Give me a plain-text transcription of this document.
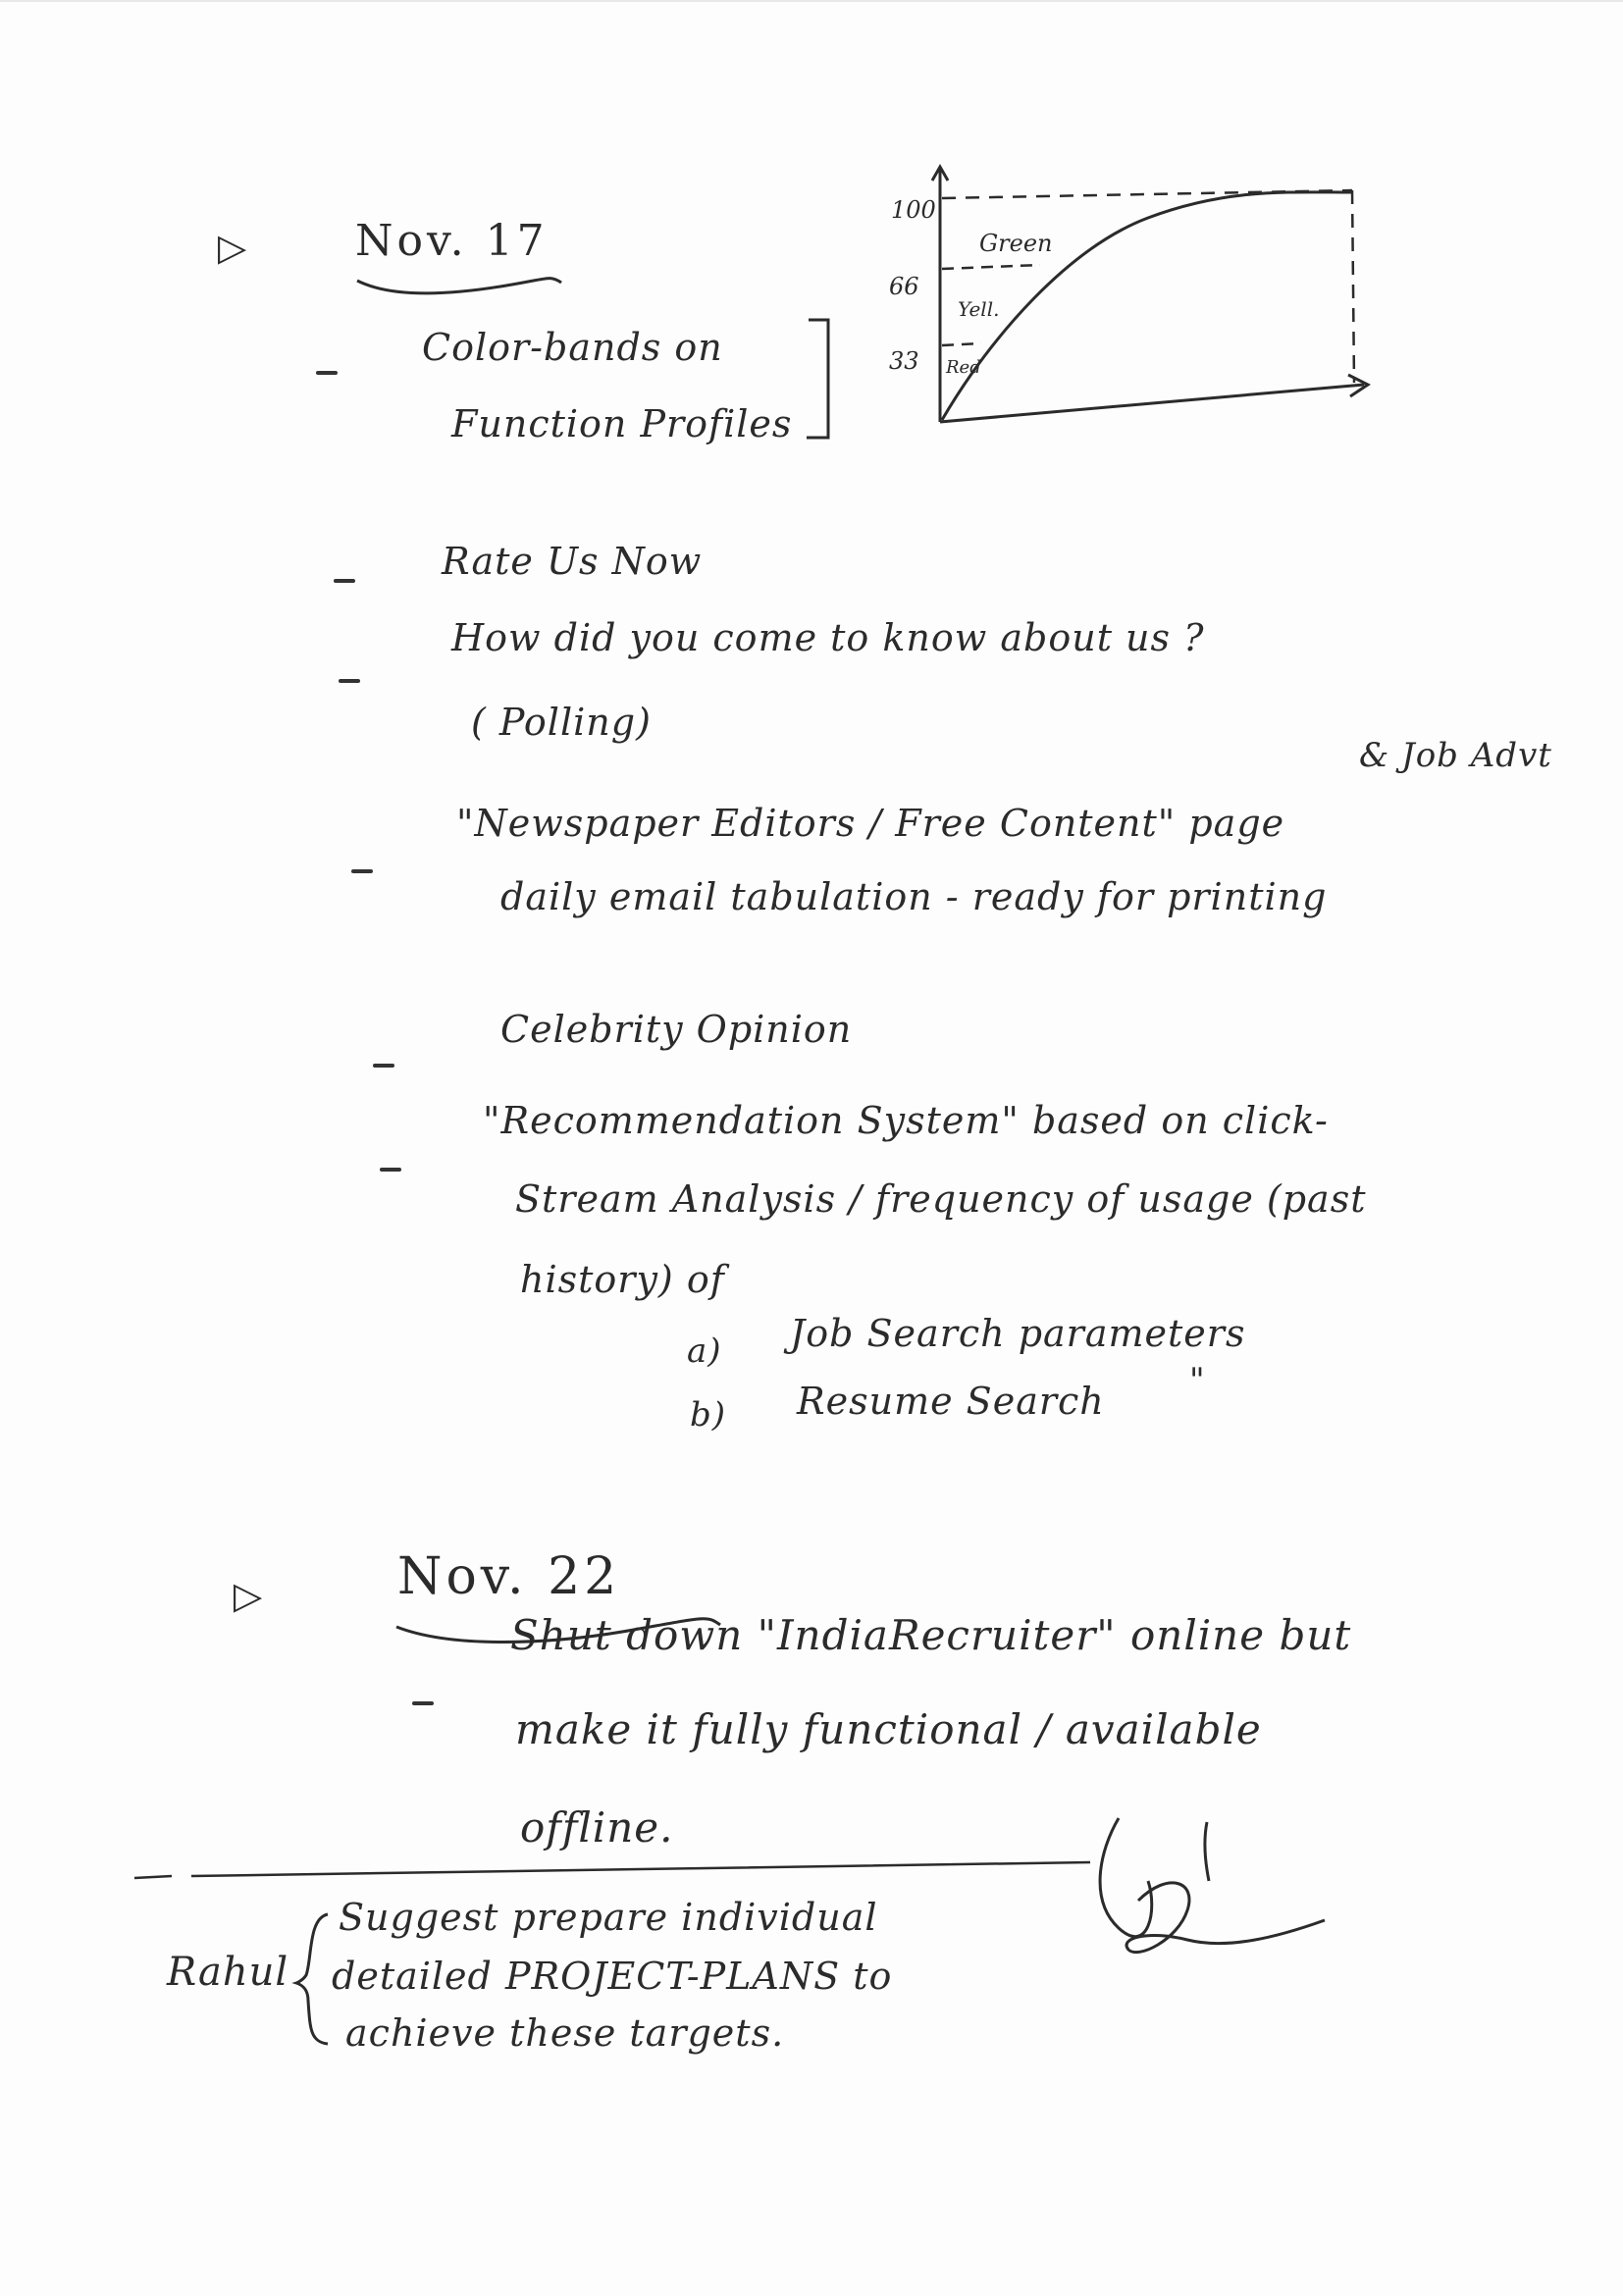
▷	Nov. 17
Color-bands on
Function Profiles
100
66
33
Green
Yell.
Red
Rate Us Now
How did you come to know about us ?
( Polling)
"Newspaper Editors / Free Content" page
& Job Advt
daily email tabulation - ready for printing
Celebrity Opinion
"Recommendation System" based on click-
Stream Analysis / frequency of usage (past
history) of
a) Job Search parameters
b) Resume Search	"
▷	Nov. 22
Shut down "IndiaRecruiter" online but
make it fully functional / available
offline.
Rahul
Suggest prepare individual
detailed PROJECT-PLANS to
achieve these targets.
